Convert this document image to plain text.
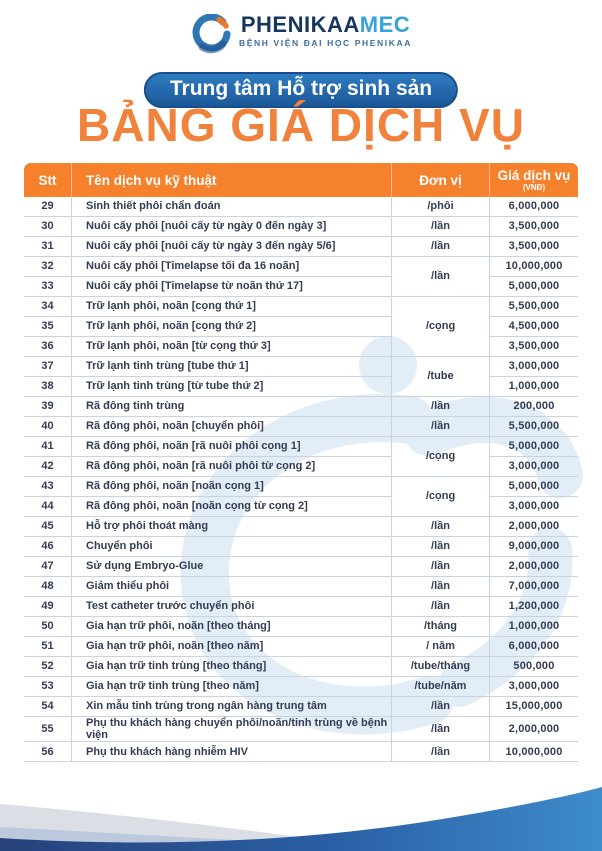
PHENIKAAMEC
BỆNH VIỆN ĐẠI HỌC PHENIKAA
Trung tâm Hỗ trợ sinh sản
BẢNG GIÁ DỊCH VỤ
Stt	Tên dịch vụ kỹ thuật	Đơn vị	Giá dịch vụ
(VNĐ)

29	Sinh thiết phôi chẩn đoán	/phôi	6,000,000
30	Nuôi cấy phôi [nuôi cấy từ ngày 0 đến ngày 3]	/lần	3,500,000
31	Nuôi cấy phôi [nuôi cấy từ ngày 3 đến ngày 5/6]	/lần	3,500,000
32	Nuôi cấy phôi [Timelapse tối đa 16 noãn]	/lần	10,000,000
33	Nuôi cấy phôi [Timelapse từ noãn thứ 17]		5,000,000
34	Trữ lạnh phôi, noãn [cọng thứ 1]	/cọng	5,500,000
35	Trữ lạnh phôi, noãn [cọng thứ 2]		4,500,000
36	Trữ lạnh phôi, noãn [từ cọng thứ 3]		3,500,000
37	Trữ lạnh tinh trùng [tube thứ 1]	/tube	3,000,000
38	Trữ lạnh tinh trùng [từ tube thứ 2]		1,000,000
39	Rã đông tinh trùng	/lần	200,000
40	Rã đông phôi, noãn [chuyển phôi]	/lần	5,500,000
41	Rã đông phôi, noãn [rã nuôi phôi cọng 1]	/cọng	5,000,000
42	Rã đông phôi, noãn [rã nuôi phôi từ cọng 2]		3,000,000
43	Rã đông phôi, noãn [noãn cọng 1]	/cọng	5,000,000
44	Rã đông phôi, noãn [noãn cọng từ cọng 2]		3,000,000
45	Hỗ trợ phôi thoát màng	/lần	2,000,000
46	Chuyển phôi	/lần	9,000,000
47	Sử dụng Embryo-Glue	/lần	2,000,000
48	Giảm thiểu phôi	/lần	7,000,000
49	Test catheter trước chuyển phôi	/lần	1,200,000
50	Gia hạn trữ phôi, noãn [theo tháng]	/tháng	1,000,000
51	Gia hạn trữ phôi, noãn [theo năm]	/ năm	6,000,000
52	Gia hạn trữ tinh trùng [theo tháng]	/tube/tháng	500,000
53	Gia hạn trữ tinh trùng [theo năm]	/tube/năm	3,000,000
54	Xin mẫu tinh trùng trong ngân hàng trung tâm	/lần	15,000,000
55	Phụ thu khách hàng chuyển phôi/noãn/tinh trùng về bệnh viện	/lần	2,000,000
56	Phụ thu khách hàng nhiễm HIV	/lần	10,000,000
